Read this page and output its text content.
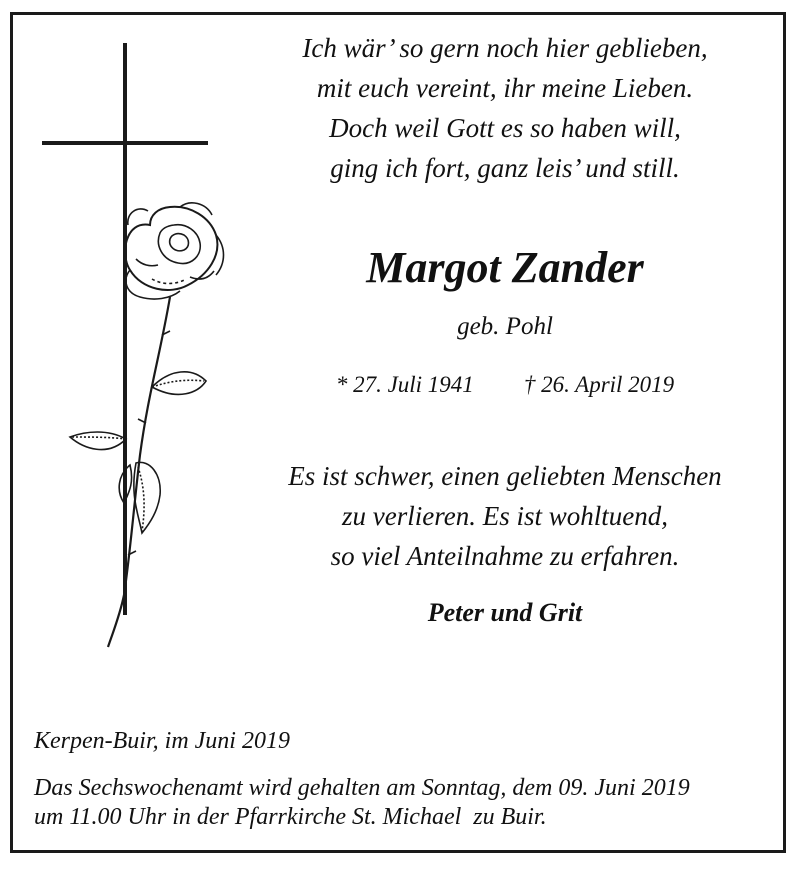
Ich wär’ so gern noch hier geblieben,
mit euch vereint, ihr meine Lieben.
Doch weil Gott es so haben will,
ging ich fort, ganz leis’ und still.
Margot Zander
geb. Pohl
* 27. Juli 1941 † 26. April 2019
Es ist schwer, einen geliebten Menschen
zu verlieren. Es ist wohltuend,
so viel Anteilnahme zu erfahren.
Peter und Grit
Kerpen-Buir, im Juni 2019
Das Sechswochenamt wird gehalten am Sonntag, dem 09. Juni 2019
um 11.00 Uhr in der Pfarrkirche St. Michael  zu Buir.
